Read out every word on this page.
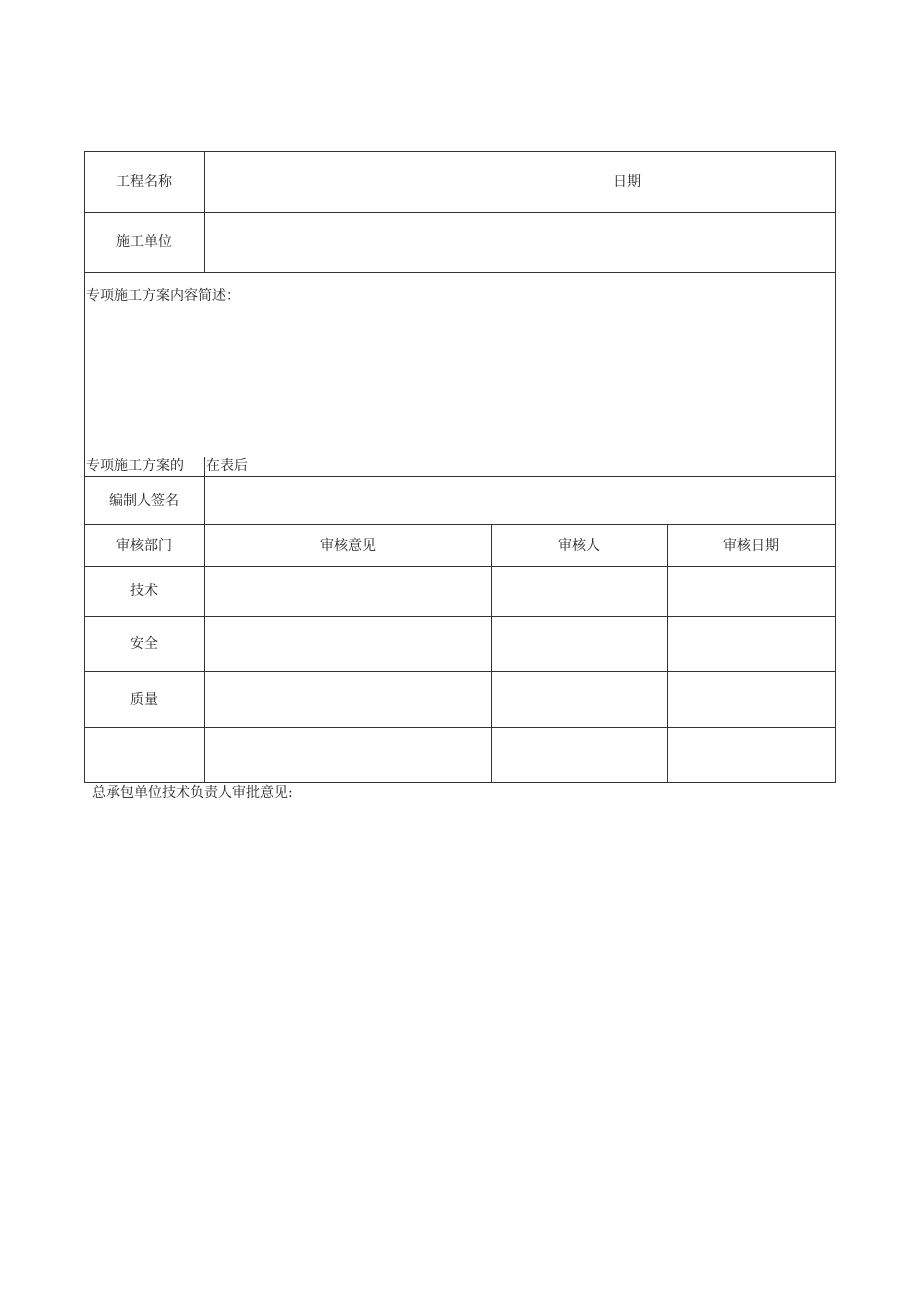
工程名称	日期
施工单位
专项施工方案内容简述：
专项施工方案的 在表后
编制人签名
审核部门	审核意见	审核人	审核日期
技术
安全
质量
总承包单位技术负责人审批意见:
